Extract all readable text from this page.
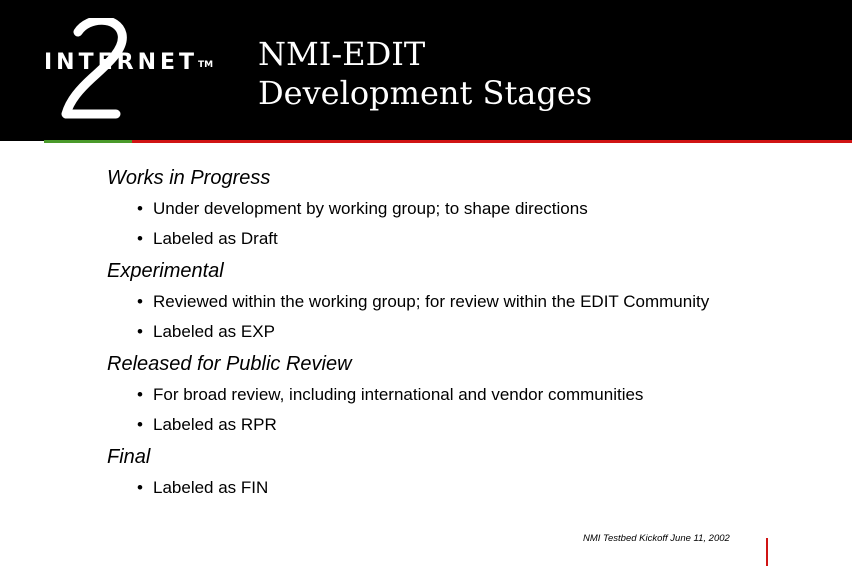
INTERNETTM NMI-EDIT
Development Stages
Works in Progress
• Under development by working group; to shape directions
• Labeled as Draft
Experimental
• Reviewed within the working group; for review within the EDIT Community
• Labeled as EXP
Released for Public Review
• For broad review, including international and vendor communities
• Labeled as RPR
Final
• Labeled as FIN
NMI Testbed Kickoff June 11, 2002
